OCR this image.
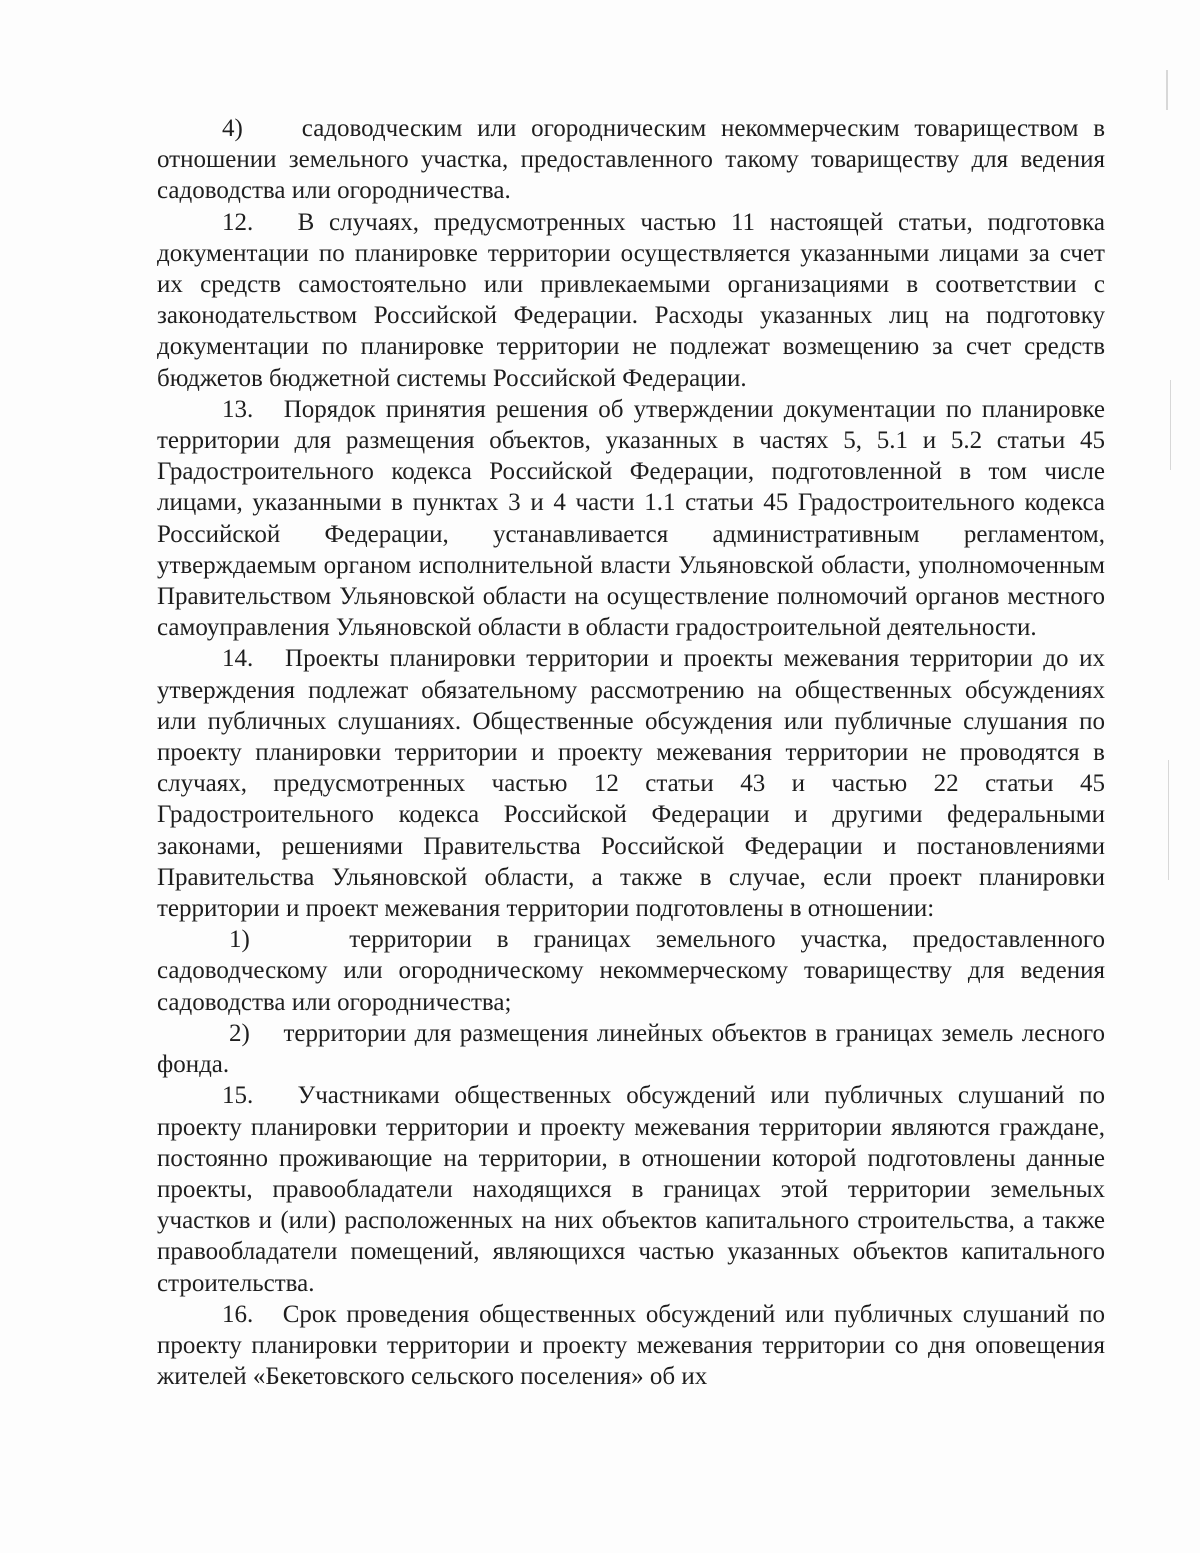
4)    садоводческим или огородническим некоммерческим товариществом в отношении земельного участка, предоставленного такому товариществу для ведения садоводства или огородничества.

12.   В случаях, предусмотренных частью 11 настоящей статьи, подготовка документации по планировке территории осуществляется указанными лицами за счет их средств самостоятельно или привлекаемыми организациями в соответствии с законодательством Российской Федерации. Расходы указанных лиц на подготовку документации по планировке территории не подлежат возмещению за счет средств бюджетов бюджетной системы Российской Федерации.

13.   Порядок принятия решения об утверждении документации по планировке территории для размещения объектов, указанных в частях 5, 5.1 и 5.2 статьи 45 Градостроительного кодекса Российской Федерации, подготовленной в том числе лицами, указанными в пунктах 3 и 4 части 1.1 статьи 45 Градостроительного кодекса Российской Федерации, устанавливается административным регламентом, утверждаемым органом исполнительной власти Ульяновской области, уполномоченным Правительством Ульяновской области на осуществление полномочий органов местного самоуправления Ульяновской области в области градостроительной деятельности.

14.   Проекты планировки территории и проекты межевания территории до их утверждения подлежат обязательному рассмотрению на общественных обсуждениях или публичных слушаниях. Общественные обсуждения или публичные слушания по проекту планировки территории и проекту межевания территории не проводятся в случаях, предусмотренных частью 12 статьи 43 и частью 22 статьи 45 Градостроительного кодекса Российской Федерации и другими федеральными законами, решениями Правительства Российской Федерации и постановлениями Правительства Ульяновской области, а также в случае, если проект планировки территории и проект межевания территории подготовлены в отношении:

1)    территории в границах земельного участка, предоставленного садоводческому или огородническому некоммерческому товариществу для ведения садоводства или огородничества;

2)    территории для размещения линейных объектов в границах земель лесного фонда.

15.   Участниками общественных обсуждений или публичных слушаний по проекту планировки территории и проекту межевания территории являются граждане, постоянно проживающие на территории, в отношении которой подготовлены данные проекты, правообладатели находящихся в границах этой территории земельных участков и (или) расположенных на них объектов капитального строительства, а также правообладатели помещений, являющихся частью указанных объектов капитального строительства.

16.   Срок проведения общественных обсуждений или публичных слушаний по проекту планировки территории и проекту межевания территории со дня оповещения жителей «Бекетовского сельского поселения» об их
